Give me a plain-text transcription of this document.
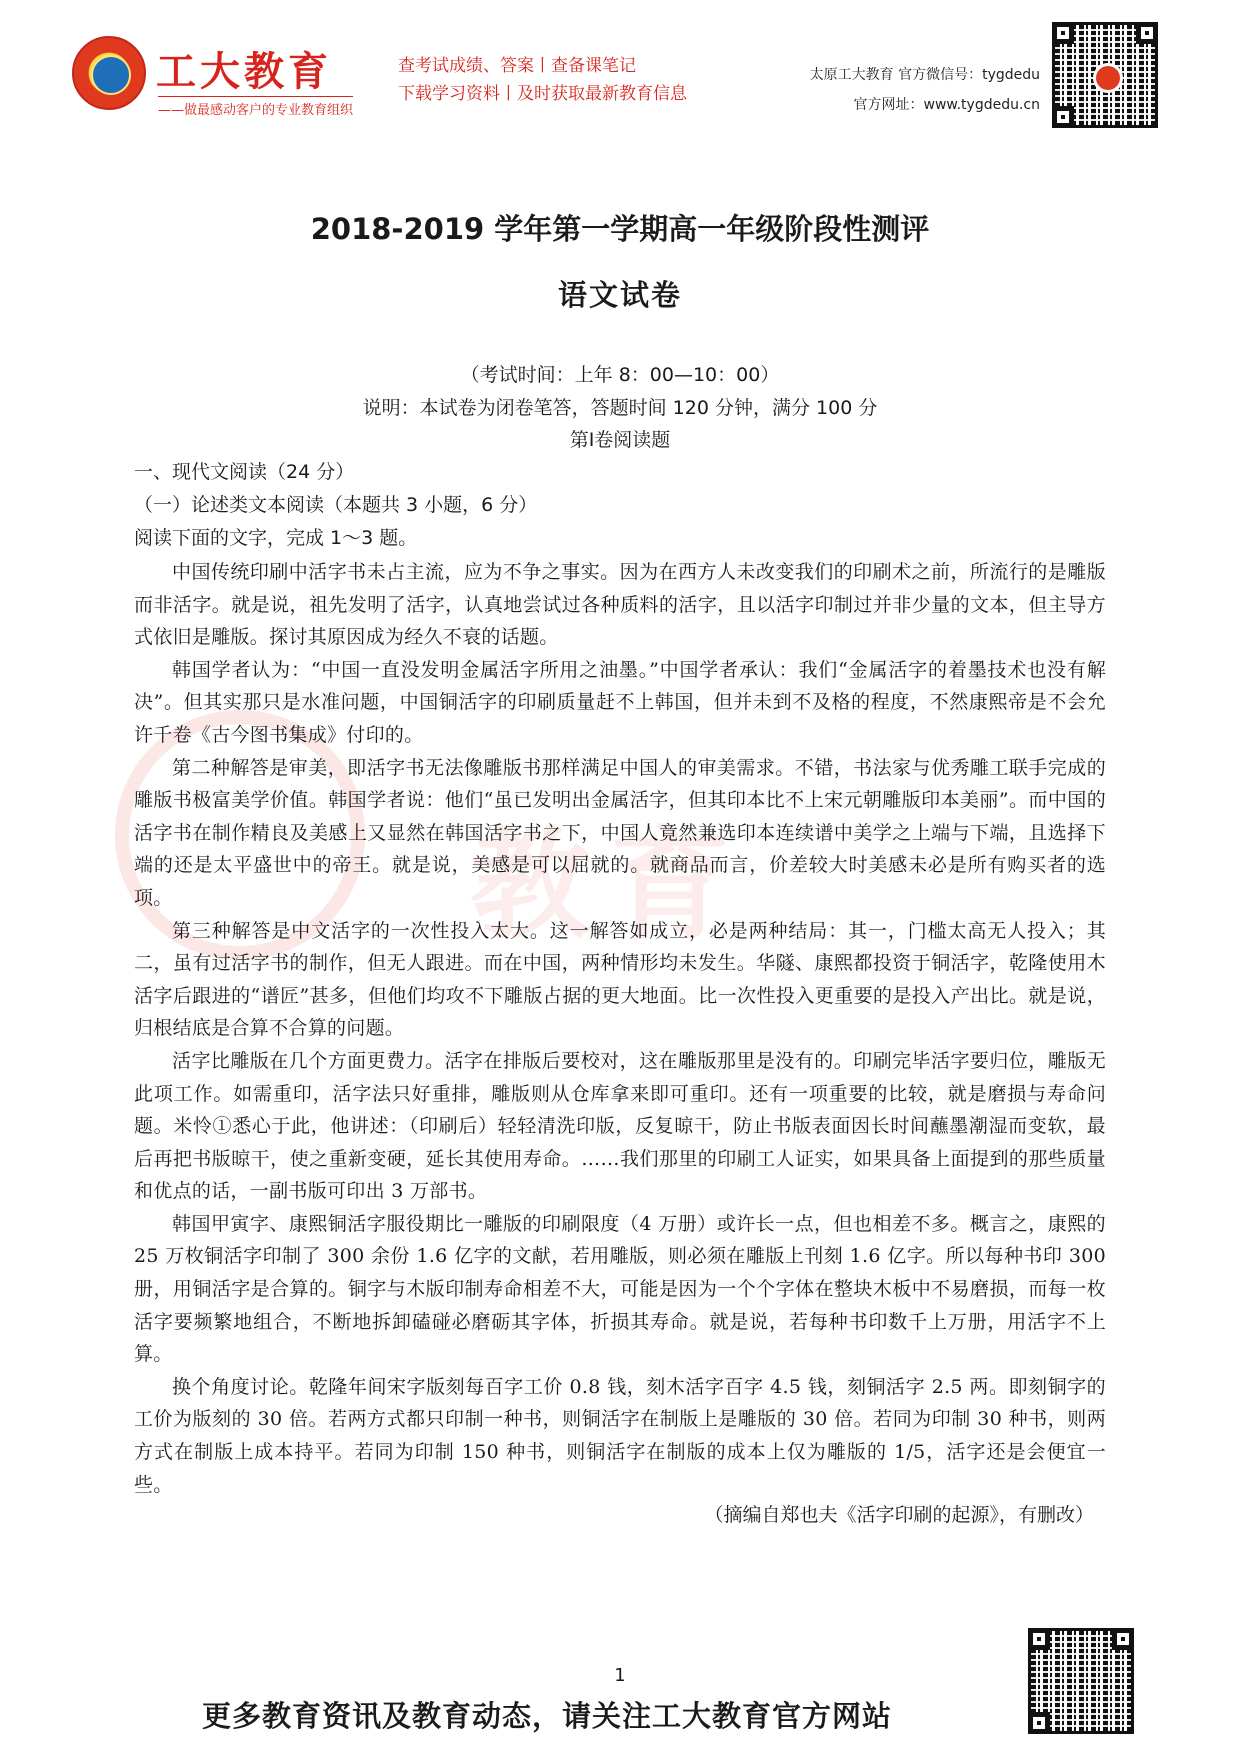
工大教育
——做最感动客户的专业教育组织
查考试成绩、答案丨查备课笔记
下载学习资料丨及时获取最新教育信息
太原工大教育 官方微信号：tygdedu
官方网址：www.tygdedu.cn
教育
2018-2019 学年第一学期高一年级阶段性测评
语文试卷
（考试时间：上年 8：00—10：00）
说明：本试卷为闭卷笔答，答题时间 120 分钟，满分 100 分
第Ⅰ卷阅读题
一、现代文阅读（24 分）
（一）论述类文本阅读（本题共 3 小题，6 分）
阅读下面的文字，完成 1～3 题。

中国传统印刷中活字书未占主流，应为不争之事实。因为在西方人未改变我们的印刷术之前，所流行的是雕版而非活字。就是说，祖先发明了活字，认真地尝试过各种质料的活字，且以活字印制过并非少量的文本，但主导方式依旧是雕版。探讨其原因成为经久不衰的话题。

韩国学者认为：“中国一直没发明金属活字所用之油墨。”中国学者承认：我们“金属活字的着墨技术也没有解决”。但其实那只是水准问题，中国铜活字的印刷质量赶不上韩国，但并未到不及格的程度，不然康熙帝是不会允许千卷《古今图书集成》付印的。

第二种解答是审美，即活字书无法像雕版书那样满足中国人的审美需求。不错，书法家与优秀雕工联手完成的雕版书极富美学价值。韩国学者说：他们“虽已发明出金属活字，但其印本比不上宋元朝雕版印本美丽”。而中国的活字书在制作精良及美感上又显然在韩国活字书之下，中国人竟然兼选印本连续谱中美学之上端与下端，且选择下端的还是太平盛世中的帝王。就是说，美感是可以屈就的。就商品而言，价差较大时美感未必是所有购买者的选项。

第三种解答是中文活字的一次性投入太大。这一解答如成立，必是两种结局：其一，门槛太高无人投入；其二，虽有过活字书的制作，但无人跟进。而在中国，两种情形均未发生。华隧、康熙都投资于铜活字，乾隆使用木活字后跟进的“谱匠”甚多，但他们均攻不下雕版占据的更大地面。比一次性投入更重要的是投入产出比。就是说，归根结底是合算不合算的问题。

活字比雕版在几个方面更费力。活字在排版后要校对，这在雕版那里是没有的。印刷完毕活字要归位，雕版无此项工作。如需重印，活字法只好重排，雕版则从仓库拿来即可重印。还有一项重要的比较，就是磨损与寿命问题。米怜①悉心于此，他讲述：（印刷后）轻轻清洗印版，反复晾干，防止书版表面因长时间蘸墨潮湿而变软，最后再把书版晾干，使之重新变硬，延长其使用寿命。……我们那里的印刷工人证实，如果具备上面提到的那些质量和优点的话，一副书版可印出 3 万部书。

韩国甲寅字、康熙铜活字服役期比一雕版的印刷限度（4 万册）或许长一点，但也相差不多。概言之，康熙的 25 万枚铜活字印制了 300 余份 1.6 亿字的文献，若用雕版，则必须在雕版上刊刻 1.6 亿字。所以每种书印 300 册，用铜活字是合算的。铜字与木版印制寿命相差不大，可能是因为一个个字体在整块木板中不易磨损，而每一枚活字要频繁地组合，不断地拆卸磕碰必磨砺其字体，折损其寿命。就是说，若每种书印数千上万册，用活字不上算。

换个角度讨论。乾隆年间宋字版刻每百字工价 0.8 钱，刻木活字百字 4.5 钱，刻铜活字 2.5 两。即刻铜字的工价为版刻的 30 倍。若两方式都只印制一种书，则铜活字在制版上是雕版的 30 倍。若同为印制 30 种书，则两方式在制版上成本持平。若同为印制 150 种书，则铜活字在制版的成本上仅为雕版的 1/5，活字还是会便宜一些。

（摘编自郑也夫《活字印刷的起源》，有删改）
1
更多教育资讯及教育动态，请关注工大教育官方网站
